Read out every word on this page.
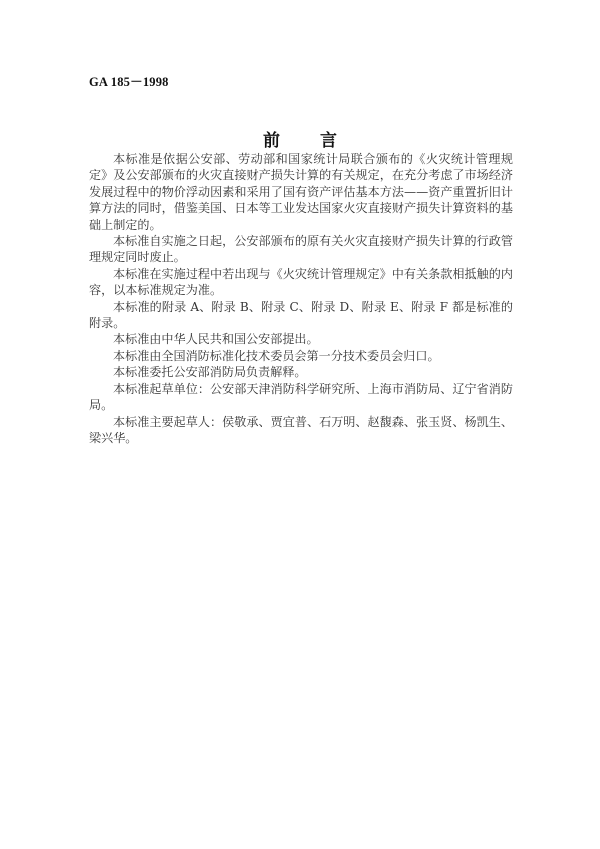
GA 185－1998
前 言

本标准是依据公安部、劳动部和国家统计局联合颁布的《火灾统计管理规定》及公安部颁布的火灾直接财产损失计算的有关规定，在充分考虑了市场经济发展过程中的物价浮动因素和采用了国有资产评估基本方法——资产重置折旧计算方法的同时，借鉴美国、日本等工业发达国家火灾直接财产损失计算资料的基础上制定的。

本标准自实施之日起，公安部颁布的原有关火灾直接财产损失计算的行政管理规定同时废止。

本标准在实施过程中若出现与《火灾统计管理规定》中有关条款相抵触的内容，以本标准规定为准。

本标准的附录 A、附录 B、附录 C、附录 D、附录 E、附录 F 都是标准的附录。

本标准由中华人民共和国公安部提出。

本标准由全国消防标准化技术委员会第一分技术委员会归口。

本标准委托公安部消防局负责解释。

本标准起草单位：公安部天津消防科学研究所、上海市消防局、辽宁省消防局。

本标准主要起草人：侯敬承、贾宜普、石万明、赵馥森、张玉贤、杨凯生、梁兴华。
